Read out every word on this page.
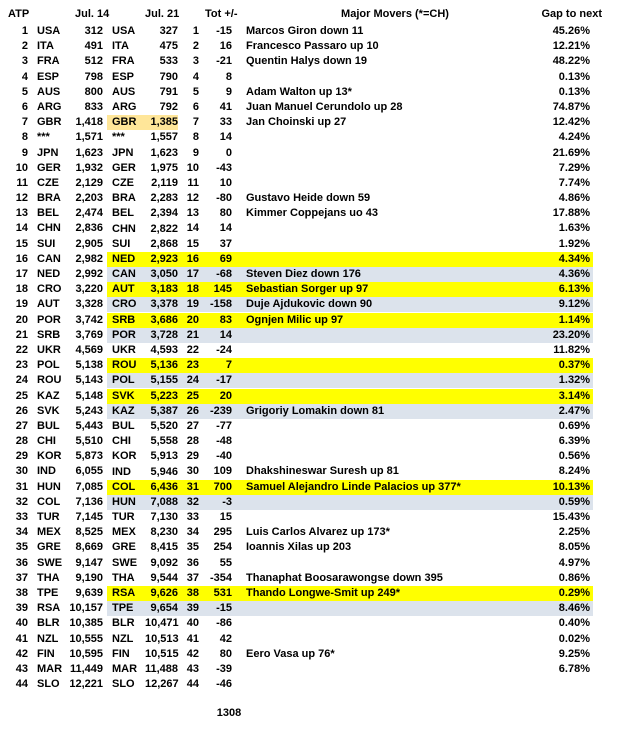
ATP	Jul. 14	Jul. 21 Tot +/-	Major Movers (*=CH)	Gap to next
1 USA	312 USA	327	1	-15	Marcos Giron down 11	45.26%
2 ITA	491 ITA	475	2	16	Francesco Passaro up 10	12.21%
3 FRA	512 FRA	533	3	-21	Quentin Halys down 19	48.22%
4 ESP	798 ESP	790	4	8	0.13%
5 AUS	800 AUS	791	5	9	Adam Walton up 13*	0.13%
6 ARG	833 ARG	792	6	41	Juan Manuel Cerundolo up 28	74.87%
7 GBR	1,418 GBR	1,385	7	33	Jan Choinski up 27	12.42%
8 ***	1,571 ***	1,557	8	14	4.24%
9 JPN	1,623 JPN	1,623	9	0	21.69%
10 GER	1,932 GER	1,975 10	-43	7.29%
11 CZE	2,129 CZE	2,119 11	10	7.74%
12 BRA	2,203 BRA	2,283 12	-80	Gustavo Heide down 59	4.86%
13 BEL	2,474 BEL	2,394 13	80	Kimmer Coppejans uo 43	17.88%
14 CHN	2,836 CHN	2,822 14	14	1.63%
15 SUI	2,905 SUI	2,868 15	37	1.92%
16 CAN	2,982 NED	2,923 16	69	4.34%
17 NED	2,992 CAN	3,050 17	-68	Steven Diez down 176	4.36%
18 CRO	3,220 AUT	3,183 18	145	Sebastian Sorger up 97	6.13%
19 AUT	3,328 CRO	3,378 19 -158	Duje Ajdukovic down 90	9.12%
20 POR	3,742 SRB	3,686 20	83	Ognjen Milic up 97	1.14%
21 SRB	3,769 POR	3,728 21	14	23.20%
22 UKR	4,569 UKR	4,593 22	-24	11.82%
23 POL	5,138 ROU	5,136 23	7	0.37%
24 ROU	5,143 POL	5,155 24	-17	1.32%
25 KAZ	5,148 SVK	5,223 25	20	3.14%
26 SVK	5,243 KAZ	5,387 26 -239	Grigoriy Lomakin down 81	2.47%
27 BUL	5,443 BUL	5,520 27	-77	0.69%
28 CHI	5,510 CHI	5,558 28	-48	6.39%
29 KOR	5,873 KOR	5,913 29	-40	0.56%
30 IND	6,055 IND	5,946 30	109	Dhakshineswar Suresh up 81	8.24%
31 HUN	7,085 COL	6,436 31	700	Samuel Alejandro Linde Palacios up 377*	10.13%
32 COL	7,136 HUN	7,088 32	-3	0.59%
33 TUR	7,145 TUR	7,130 33	15	15.43%
34 MEX	8,525 MEX	8,230 34	295	Luis Carlos Alvarez up 173*	2.25%
35 GRE	8,669 GRE	8,415 35	254	Ioannis Xilas up 203	8.05%
36 SWE	9,147 SWE	9,092 36	55	4.97%
37 THA	9,190 THA	9,544 37 -354	Thanaphat Boosarawongse down 395	0.86%
38 TPE	9,639 RSA	9,626 38	531	Thando Longwe-Smit up 249*	0.29%
39 RSA 10,157 TPE	9,654 39	-15	8.46%
40 BLR 10,385 BLR 10,471 40	-86	0.40%
41 NZL 10,555 NZL	10,513 41	42	0.02%
42 FIN	10,595 FIN	10,515 42	80	Eero Vasa up 76*	9.25%
43 MAR 11,449 MAR 11,488 43	-39	6.78%
44 SLO 12,221 SLO 12,267 44	-46
1308
